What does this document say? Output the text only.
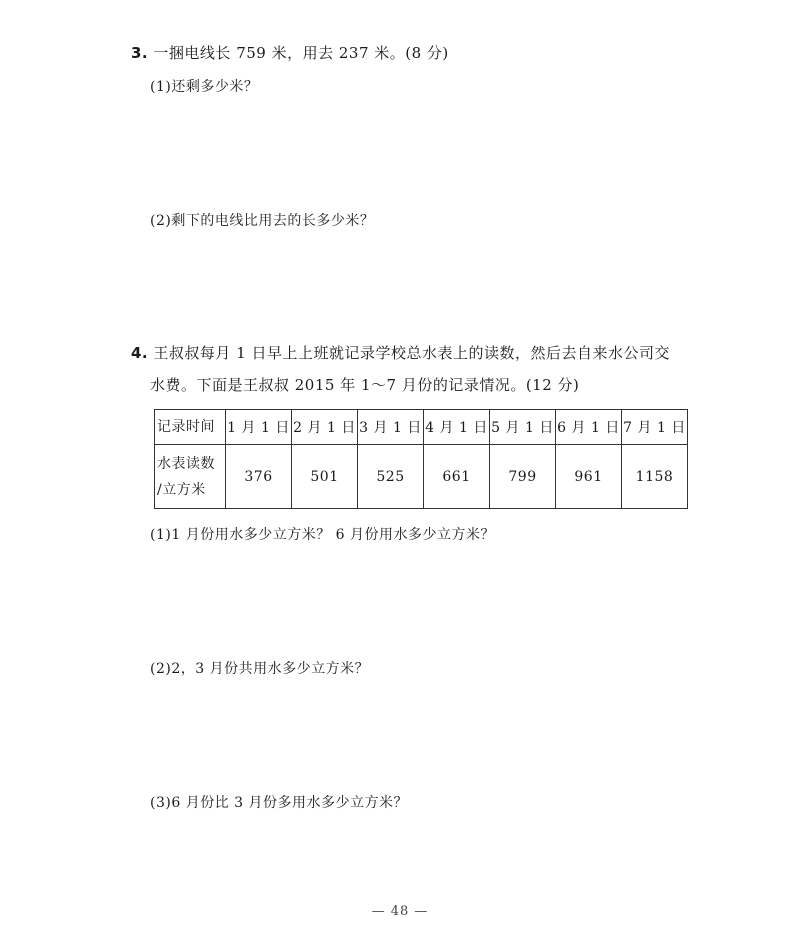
3. 一捆电线长 759 米，用去 237 米。(8 分)
(1)还剩多少米？
(2)剩下的电线比用去的长多少米？
4. 王叔叔每月 1 日早上上班就记录学校总水表上的读数，然后去自来水公司交
水费。下面是王叔叔 2015 年 1～7 月份的记录情况。(12 分)
记录时间	1 月 1 日	2 月 1 日	3 月 1 日	4 月 1 日	5 月 1 日	6 月 1 日	7 月 1 日

水表读数
/立方米	376	501	525	661	799	961	1158
(1)1 月份用水多少立方米？ 6 月份用水多少立方米？
(2)2，3 月份共用水多少立方米？
(3)6 月份比 3 月份多用水多少立方米？
— 48 —
